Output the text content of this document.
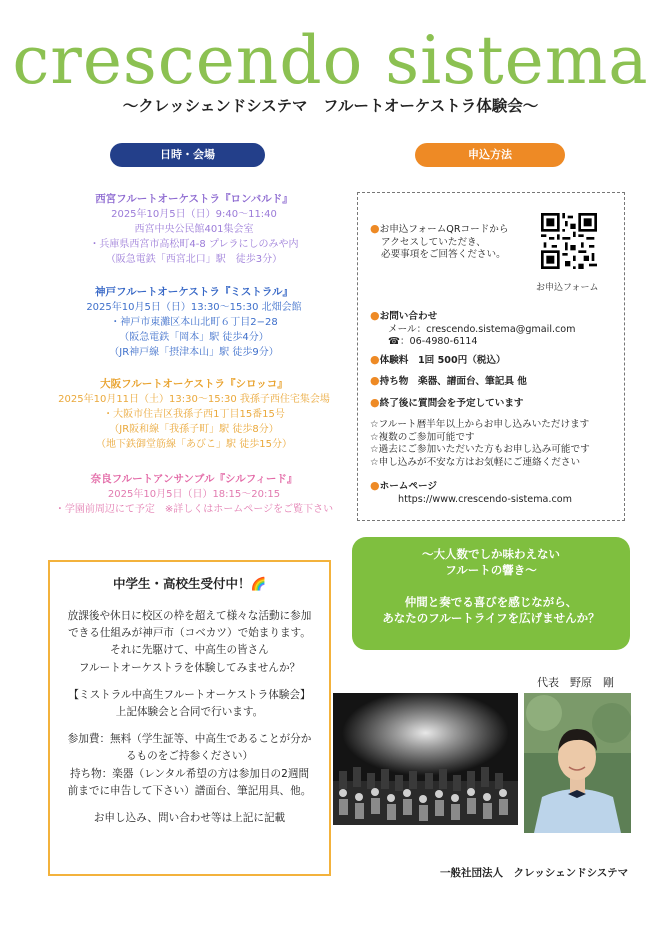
crescendo sistema
〜クレッシェンドシステマ　フルートオーケストラ体験会〜
日時・会場	申込方法
西宮フルートオーケストラ『ロンバルド』
2025年10月5日（日）9:40〜11:40
西宮中央公民館401集会室
・兵庫県西宮市高松町4-8 プレラにしのみや内
（阪急電鉄「西宮北口」駅　徒歩3分）
神戸フルートオーケストラ『ミストラル』
2025年10月5日（日）13:30〜15:30 北畑会館
・神戸市東灘区本山北町６丁目2−28
（阪急電鉄「岡本」駅 徒歩4分）
（JR神戸線「摂津本山」駅 徒歩9分）
大阪フルートオーケストラ『シロッコ』
2025年10月11日（土）13:30〜15:30 我孫子西住宅集会場
・大阪市住吉区我孫子西1丁目15番15号
（JR阪和線「我孫子町」駅 徒歩8分）
（地下鉄御堂筋線「あびこ」駅 徒歩15分）
奈良フルートアンサンブル『シルフィード』
2025年10月5日（日）18:15〜20:15
・学園前周辺にて予定　※詳しくはホームページをご覧下さい
●お申込フォームQRコードから
アクセスしていただき、
必要事項をご回答ください。
お申込フォーム
●お問い合わせ
メール：crescendo.sistema@gmail.com
☎：06-4980-6114
●体験料　1回 500円（税込）
●持ち物　楽器、譜面台、筆記具 他
●終了後に質問会を予定しています
☆フルート暦半年以上からお申し込みいただけます
☆複数のご参加可能です
☆過去にご参加いただいた方もお申し込み可能です
☆申し込みが不安な方はお気軽にご連絡ください
●ホームページ
https://www.crescendo-sistema.com
中学生・高校生受付中！🌈

放課後や休日に校区の枠を超えて様々な活動に参加
できる仕組みが神戸市（コベカツ）で始まります。
それに先駆けて、中高生の皆さん
フルートオーケストラを体験してみませんか？

【ミストラル中高生フルートオーケストラ体験会】
上記体験会と合同で行います。

参加費：無料（学生証等、中高生であることが分か
るものをご持参ください）
持ち物：楽器（レンタル希望の方は参加日の2週間
前までに申告して下さい）譜面台、筆記用具、他。

お申し込み、問い合わせ等は上記に記載

〜大人数でしか味わえない
フルートの響き〜
仲間と奏でる喜びを感じながら、
あなたのフルートライフを広げませんか？
代表　野原　剛
一般社団法人　クレッシェンドシステマ
